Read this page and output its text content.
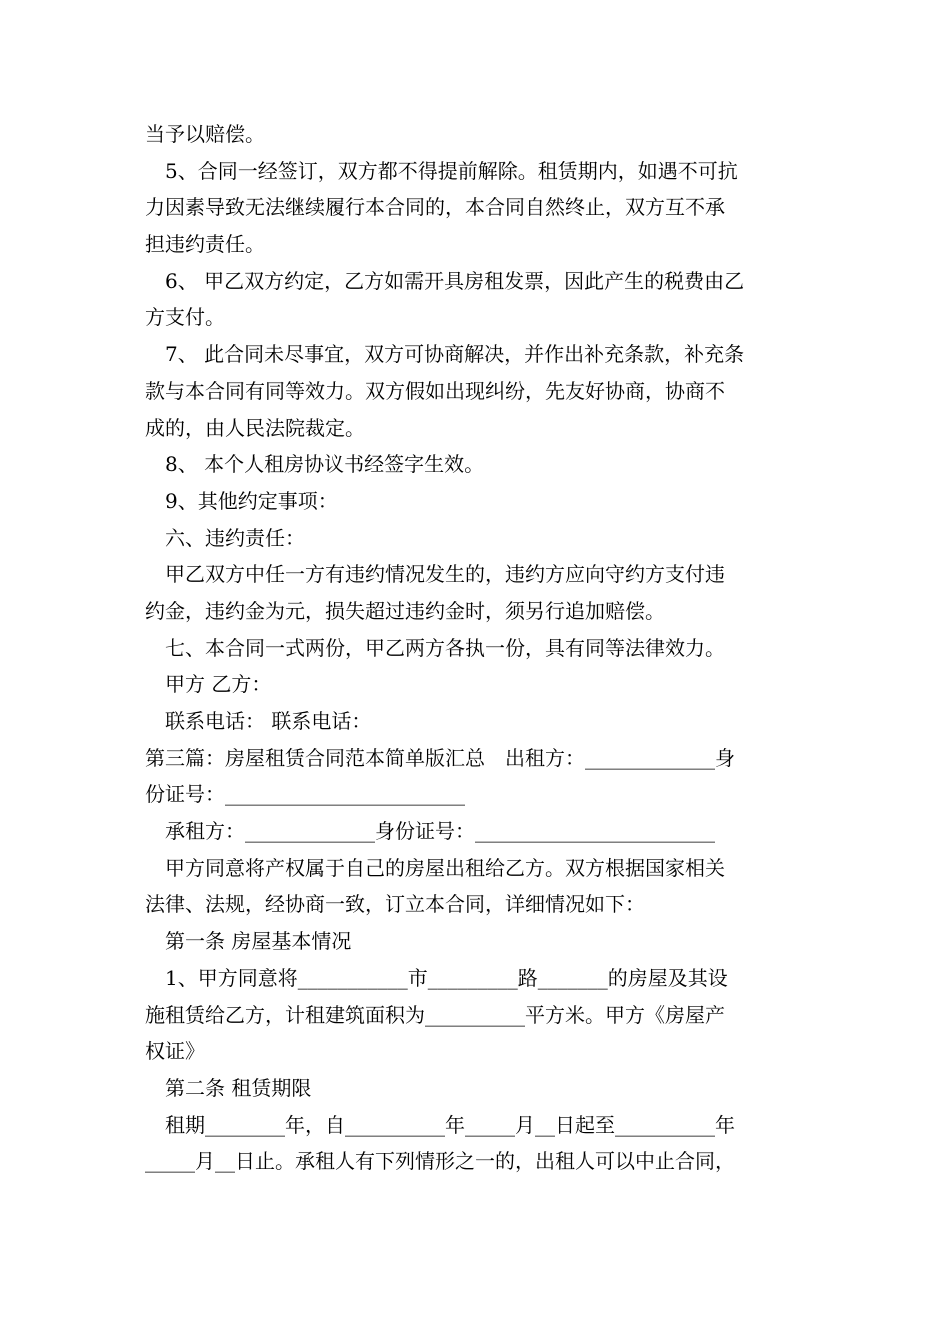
当予以赔偿。
5、合同一经签订，双方都不得提前解除。租赁期内，如遇不可抗
力因素导致无法继续履行本合同的，本合同自然终止，双方互不承
担违约责任。
6、 甲乙双方约定，乙方如需开具房租发票，因此产生的税费由乙
方支付。
7、 此合同未尽事宜，双方可协商解决，并作出补充条款，补充条
款与本合同有同等效力。双方假如出现纠纷，先友好协商，协商不
成的，由人民法院裁定。
8、 本个人租房协议书经签字生效。
9、其他约定事项：
六、违约责任：
甲乙双方中任一方有违约情况发生的，违约方应向守约方支付违
约金，违约金为元，损失超过违约金时，须另行追加赔偿。
七、本合同一式两份，甲乙两方各执一份，具有同等法律效力。
甲方 乙方：
联系电话： 联系电话：
第三篇：房屋租赁合同范本简单版汇总　出租方：_____________身
份证号：________________________
承租方：_____________身份证号：________________________
甲方同意将产权属于自己的房屋出租给乙方。双方根据国家相关
法律、法规，经协商一致，订立本合同，详细情况如下：
第一条 房屋基本情况
1、甲方同意将___________市_________路_______的房屋及其设
施租赁给乙方，计租建筑面积为__________平方米。甲方《房屋产
权证》
第二条 租赁期限
租期________年，自__________年_____月__日起至__________年
_____月__日止。承租人有下列情形之一的，出租人可以中止合同，
